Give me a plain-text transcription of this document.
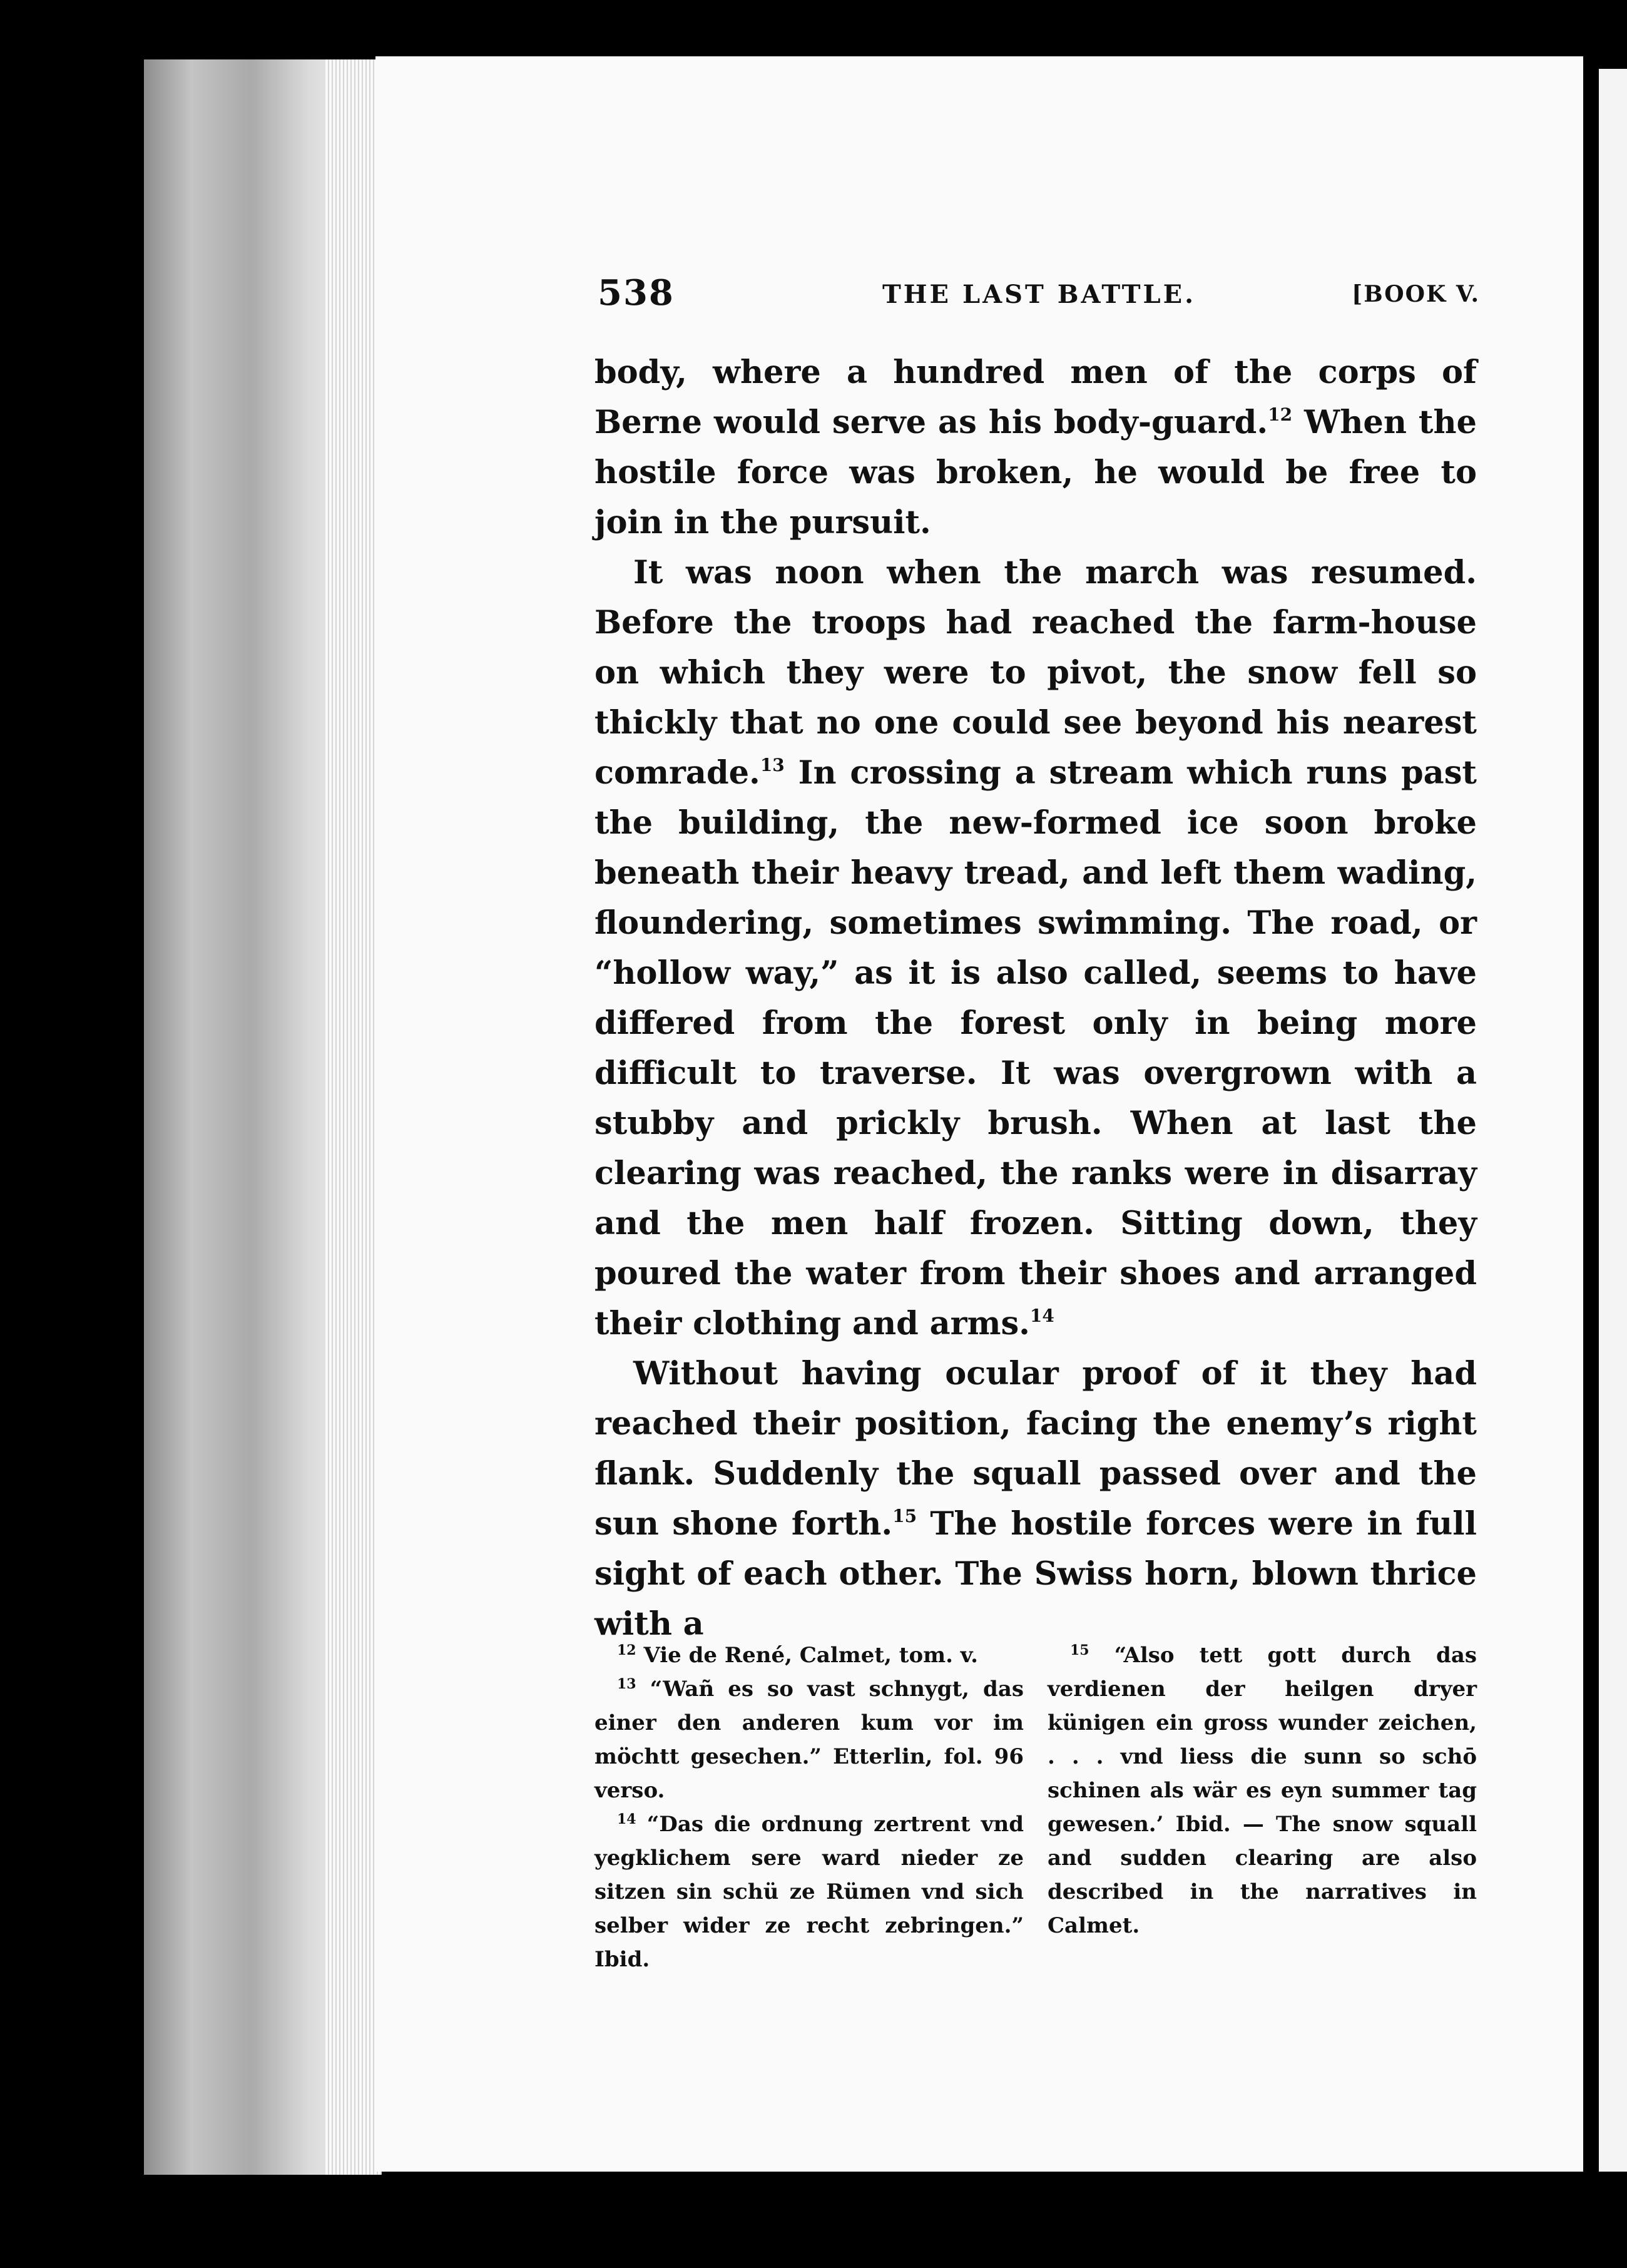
538	THE LAST BATTLE.	[BOOK V.

body, where a hundred men of the corps of Berne would serve as his body-guard.$^{12}$ When the hostile force was broken, he would be free to join in the pursuit.

It was noon when the march was resumed. Before the troops had reached the farm-house on which they were to pivot, the snow fell so thickly that no one could see beyond his nearest comrade.$^{13}$ In crossing a stream which runs past the building, the new-formed ice soon broke beneath their heavy tread, and left them wading, floundering, sometimes swimming. The road, or “hollow way,” as it is also called, seems to have differed from the forest only in being more difficult to traverse. It was overgrown with a stubby and prickly brush. When at last the clearing was reached, the ranks were in disarray and the men half frozen. Sitting down, they poured the water from their shoes and arranged their clothing and arms.$^{14}$

Without having ocular proof of it they had reached their position, facing the enemy’s right flank. Suddenly the squall passed over and the sun shone forth.$^{15}$ The hostile forces were in full sight of each other. The Swiss horn, blown thrice with a

$^{12}$ Vie de René, Calmet, tom. v.

$^{13}$ “Wañ es so vast schnygt, das einer den anderen kum vor im möchtt gesechen.” Etterlin, fol. 96 verso.

$^{14}$ “Das die ordnung zertrent vnd yegklichem sere ward nieder ze sitzen sin schü ze Rümen vnd sich selber wider ze recht zebringen.” Ibid.

$^{15}$ “Also tett gott durch das verdienen der heilgen dryer künigen ein gross wunder zeichen, . . . vnd liess die sunn so schō schinen als wär es eyn summer tag gewesen.’ Ibid. — The snow squall and sudden clearing are also described in the narratives in Calmet.
